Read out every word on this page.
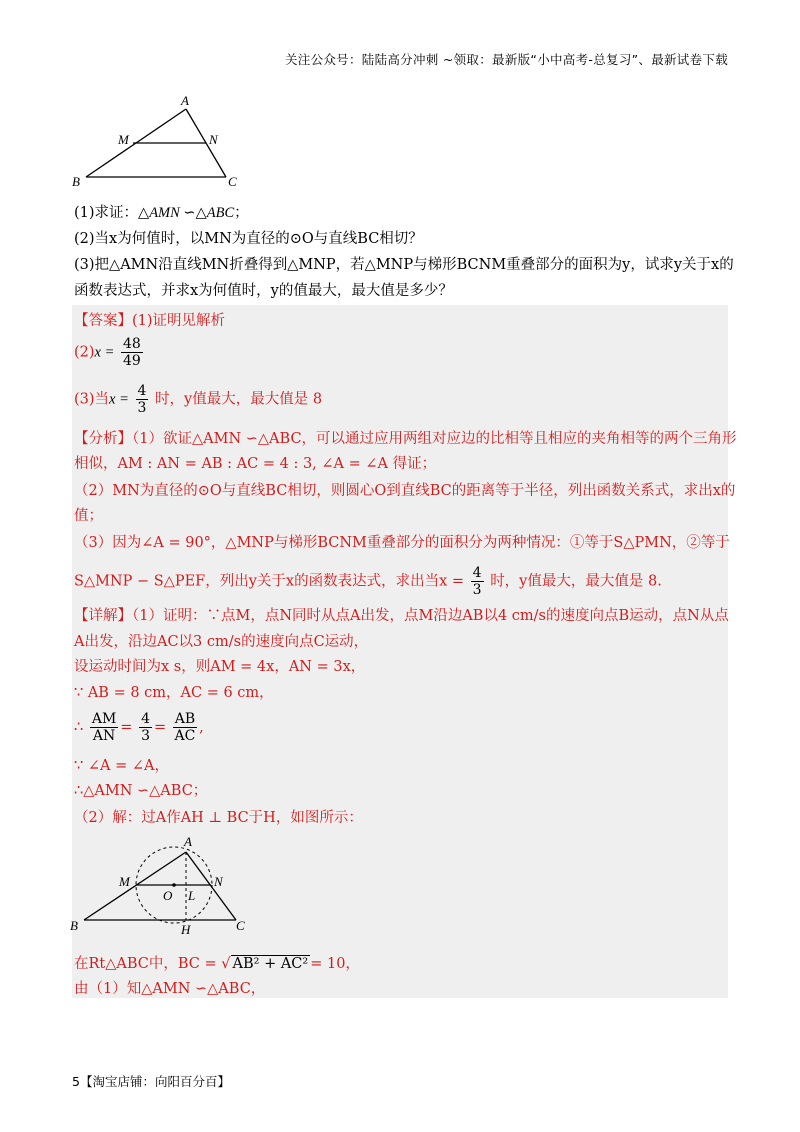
关注公众号：陆陆高分冲刺 ~领取：最新版“小中高考-总复习”、最新试卷下载
A
M	N
B	C
(1)求证：△AMN ∽△ABC；
(2)当x为何值时，以MN为直径的⊙O与直线BC相切？
(3)把△AMN沿直线MN折叠得到△MNP，若△MNP与梯形BCNM重叠部分的面积为y，试求y关于x的
函数表达式，并求x为何值时，y的值最大，最大值是多少？
【答案】(1)证明见解析
$(2)x = \frac{48}{49}$
(3)当$x = \frac{4}{3}$ 时，y值最大，最大值是 8
【分析】（1）欲证△AMN ∽△ABC，可以通过应用两组对应边的比相等且相应的夹角相等的两个三角形
相似，AM : AN = AB : AC = 4 : 3, ∠A = ∠A 得证；
（2）MN为直径的⊙O与直线BC相切，则圆心O到直线BC的距离等于半径，列出函数关系式，求出x的
值；
（3）因为∠A = 90°，△MNP与梯形BCNM重叠部分的面积分为两种情况：①等于S△PMN，②等于
S△MNP − S△PEF，列出y关于x的函数表达式，求出当$x = \frac{4}{3}$ 时，y值最大，最大值是 8.
【详解】（1）证明：∵点M，点N同时从点A出发，点M沿边AB以4 cm/s的速度向点B运动，点N从点
A出发，沿边AC以3 cm/s的速度向点C运动，
设运动时间为x s，则AM = 4x，AN = 3x，
∵ AB = 8 cm，AC = 6 cm，
∴ $\frac{AM}{AN} = \frac{4}{3} = \frac{AB}{AC}$ ,
∵ ∠A = ∠A，
∴△AMN ∽△ABC；
（2）解：过A作AH ⊥ BC于H，如图所示：
A
M	N
O L
B	H	C
在Rt△ABC中，BC = √ AB² + AC² = 10，
由（1）知△AMN ∽△ABC，
5【淘宝店铺：向阳百分百】
